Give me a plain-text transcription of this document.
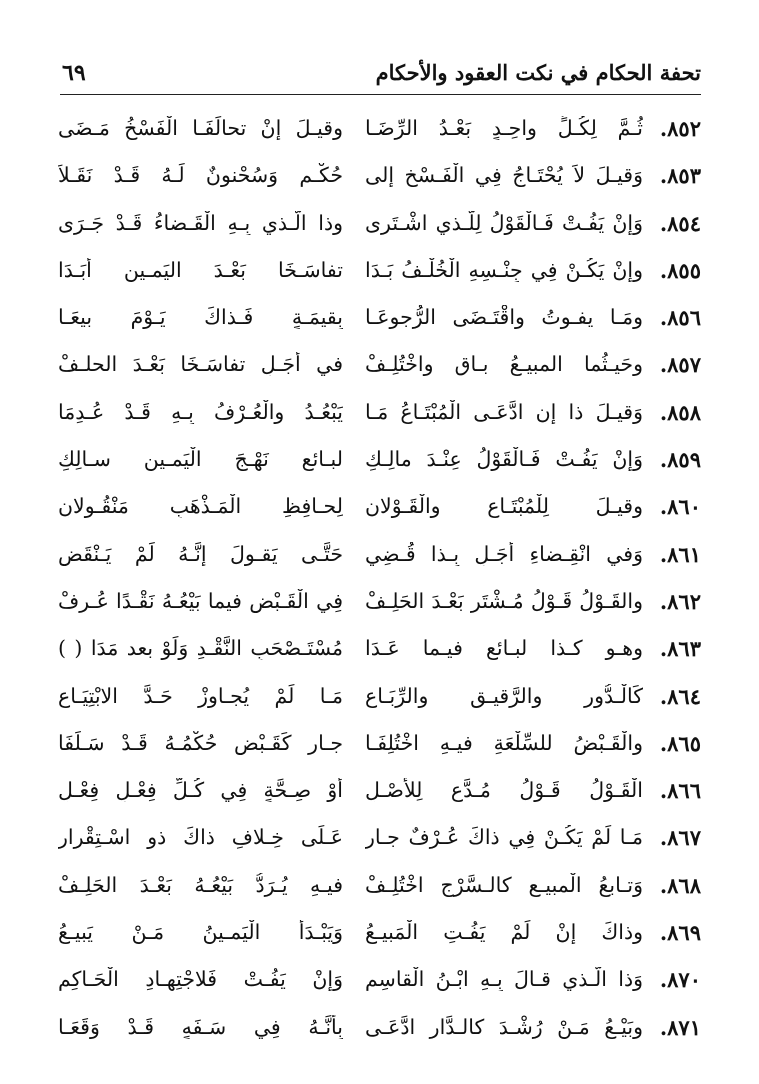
تحفة الحكام في نكت العقود والأحكام
٦٩
٨٥٢.
ثُـمَّ لِكُـلٍّ واحِـدٍ بَعْـدُ الرِّضَـا
وقيـلَ إنْ تحالَفَـا الْفَسْخُ مَـضَى
٨٥٣.
وَقيـلَ لاَ يُحْتَـاجُ فِي الْفَـسْخِ إلى
حُكْـمٍ وَسُحْنونٌ لَـهُ قَـدْ نَقَـلاَ
٨٥٤.
وَإنْ يَفُـتْ فَـالْقَوْلُ لِلَّـذي اشْـتَرى
وذا الَّـذي بِـهِ الْقَـضاءُ قَـدْ جَـرَى
٨٥٥.
وإنْ يَكُـنْ فِي جِنْـسِهِ الْخُلْـفُ بَـدَا
تفاسَـخَا بَعْـدَ اليَمـينِ أَبَـدَا
٨٥٦.
ومَـا يفـوتُ واقْتَـضَى الرُّجوعَـا
بِقيمَـةٍ فَـذاكَ يَـوْمَ بيعَـا
٨٥٧.
وحَيـثُما المبيـعُ بـاقٍ واخْتُلِـفْ
في أَجَـلٍ تفاسَـخَا بَعْـدَ الحلـفْ
٨٥٨.
وَقيـلَ ذا إنِ ادَّعَـى الْمُبْتَـاعُ مَـا
يَبْعُـدُ والْعُـرْفُ بِـهِ قَـدْ عُـدِمَا
٨٥٩.
وَإنْ يَفُـتْ فَـالْقَوْلُ عِنْـدَ مالِـكِ
لبـائعٍ نَهْـجَ الْيَمـينِ سـالِكِ
٨٦٠.
وقيـلَ لِلْمُبْتَـاعِ والْقَـوْلانِ
لِحـافِظِ الْمَـذْهَبِ مَنْقُـولانِ
٨٦١.
وَفي انْقِـضاءِ أَجَـلٍ بِـذا قُـضِي
حَتَّـى يَقـولَ إنَّـهُ لَمْ يَـنْقَضِ
٨٦٢.
والقَـوْلُ قَـوْلُ مُـشْتَرٍ بَعْـدَ الحَلِـفْ
فِي الْقَـبْضِ فيما بَيْعُـهُ نَقْـدًا عُـرِفْ
٨٦٣.
وهـو كـذا لبـائعٍ فيـما عَـدَا
مُسْتَـصْحَبِ النَّقْـدِ وَلَوْ بعد مَدَا ( )
٨٦٤.
كَالْـدُّورِ والرَّقيـقِ والرِّبَـاعِ
مَـا لَمْ يُجـاوِزْ حَـدَّ الابْتِيَـاعِ
٨٦٥.
والْقَـبْضُ للسِّلْعَةِ فيـهِ اخْتُلِفَـا
جـارٍ كَقَـبْضٍ حُكْمُـهُ قَـدْ سَـلَفَا
٨٦٦.
الْقَـوْلُ قَـوْلُ مُـدَّعٍ لِلأَصْـلِ
أَوْ صِـحَّةٍ فِي كُـلِّ فِعْـلٍ فِعْـلِ
٨٦٧.
مَـا لَمْ يَكُـنْ فِي ذاكَ عُـرْفٌ جـارِ
عَـلَى خِـلافِ ذاكَ ذو اسْـتِقْرارِ
٨٦٨.
وَتـابعُ الْمبيـعِ كالـسَّرْجِ اخْتُلِـفْ
فيـهِ يُـرَدُّ بَيْعُـهُ بَعْـدَ الحَلِـفْ
٨٦٩.
وذاكَ إنْ لَمْ يَفُـتِ الْمَبيـعُ
وَيَبْـدَأُ الْيَمـينُ مَـنْ يَبيـعُ
٨٧٠.
وَذا الَّـذي قـالَ بِـهِ ابْـنُ الْقاسِمِ
وَإنْ يَفُـتْ فَلاجْتِهـادِ الْحَـاكِمِ
٨٧١.
وبَيْـعُ مَـنْ رُشْـدَ كالـدَّارِ ادَّعَـى
بِأَنَّـهُ فِي سَـفَهٍ قَـدْ وَقَعَـا
